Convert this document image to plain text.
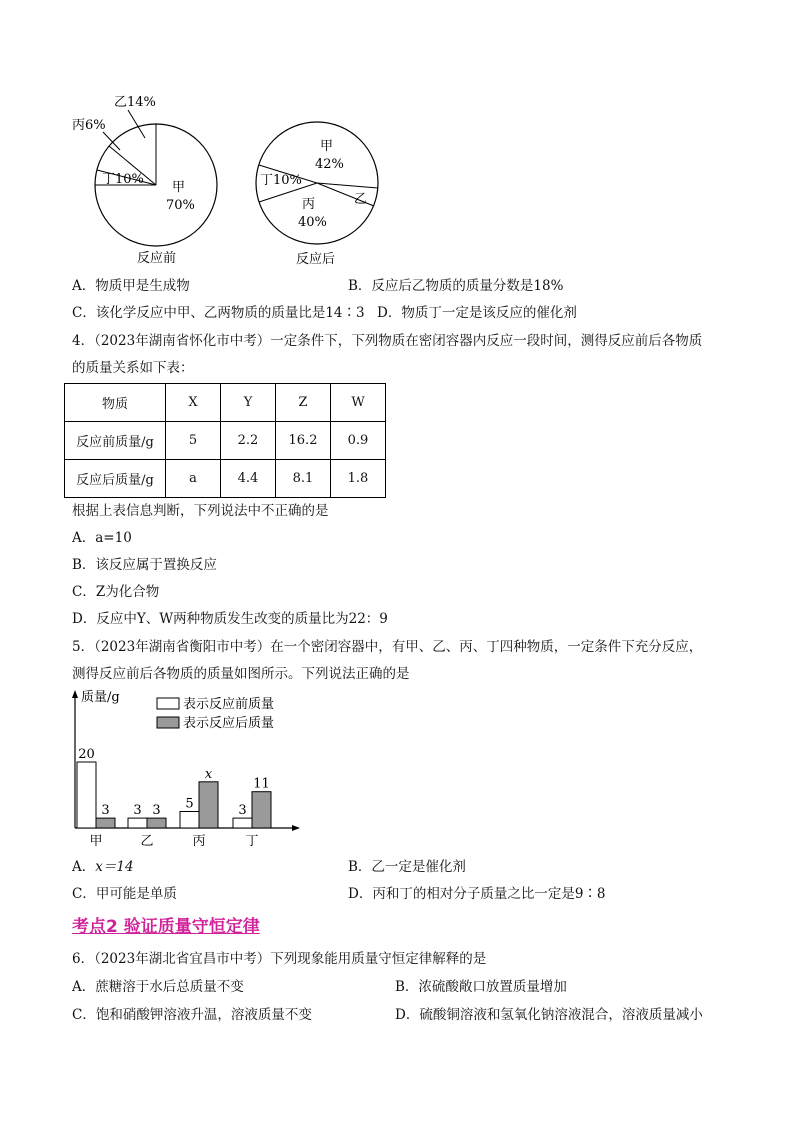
乙14%
丙6%
丁10%
甲
70%
反应前
甲
42%
丁10%
乙
丙
40%
反应后
A．物质甲是生成物	B．反应后乙物质的质量分数是18%
C．该化学反应中甲、乙两物质的质量比是14∶3 D．物质丁一定是该反应的催化剂
4．（2023年湖南省怀化市中考）一定条件下，下列物质在密闭容器内反应一段时间，测得反应前后各物质
的质量关系如下表：
物质	X	Y	Z	W
反应前质量/g	5	2.2	16.2	0.9
反应后质量/g	a	4.4	8.1	1.8
根据上表信息判断，下列说法中不正确的是
A．a=10
B．该反应属于置换反应
C．Z为化合物
D．反应中Y、W两种物质发生改变的质量比为22：9
5．（2023年湖南省衡阳市中考）在一个密闭容器中，有甲、乙、丙、丁四种物质，一定条件下充分反应，
测得反应前后各物质的质量如图所示。下列说法正确的是
质量/g	表示反应前质量
表示反应后质量
20
3
甲
3 3
乙
5
x
丙
3
11
丁
A．x＝14	B．乙一定是催化剂
C．甲可能是单质	D．丙和丁的相对分子质量之比一定是9∶8
考点2 验证质量守恒定律
6．（2023年湖北省宜昌市中考）下列现象能用质量守恒定律解释的是
A．蔗糖溶于水后总质量不变	B．浓硫酸敞口放置质量增加
C．饱和硝酸钾溶液升温，溶液质量不变	D．硫酸铜溶液和氢氧化钠溶液混合，溶液质量减小
